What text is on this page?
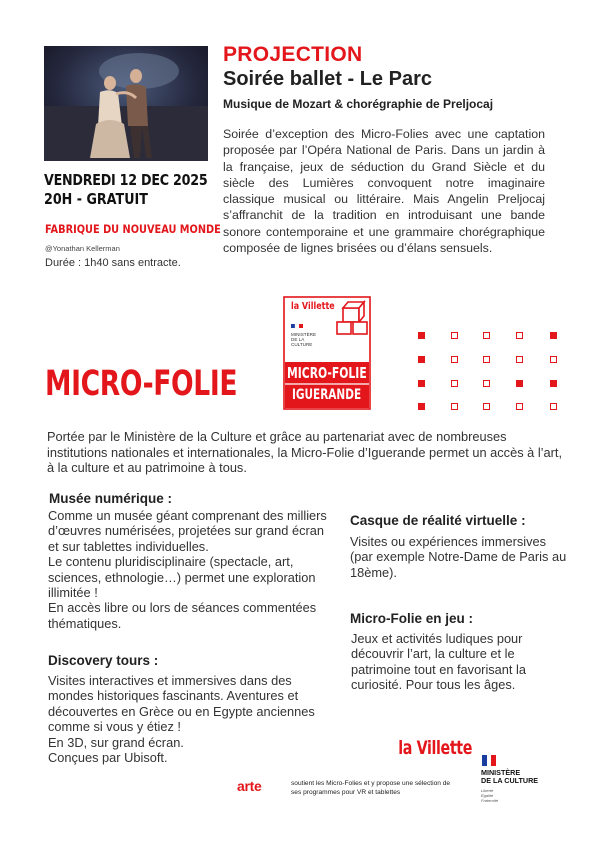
VENDREDI 12 DEC 2025
20H - GRATUIT
FABRIQUE DU NOUVEAU MONDE
@Yonathan Kellerman
Durée : 1h40 sans entracte.
PROJECTION
Soirée ballet - Le Parc
Musique de Mozart & chorégraphie de Preljocaj

Soirée d’exception des Micro-Folies avec une captation proposée par l’Opéra National de Paris. Dans un jardin à la française, jeux de séduction du Grand Siècle et du siècle des Lumières convoquent notre imaginaire classique musical ou littéraire. Mais Angelin Preljocaj s’affranchit de la tradition en introduisant une bande sonore contemporaine et une grammaire chorégraphique composée de lignes brisées ou d’élans sensuels.

la Villette
MINISTÈRE DE LA CULTURE
MICRO-FOLIE
IGUERANDE
MICRO-FOLIE

Portée par le Ministère de la Culture et grâce au partenariat avec de nombreuses institutions nationales et internationales, la Micro-Folie d’Iguerande permet un accès à l’art, à la culture et au patrimoine à tous.

Musée numérique :

Comme un musée géant comprenant des milliers d’œuvres numérisées, projetées sur grand écran et sur tablettes individuelles.
Le contenu pluridisciplinaire (spectacle, art, sciences, ethnologie…) permet une exploration illimitée !
En accès libre ou lors de séances commentées thématiques.

Discovery tours :

Visites interactives et immersives dans des mondes historiques fascinants. Aventures et découvertes en Grèce ou en Egypte anciennes comme si vous y étiez !
En 3D, sur grand écran.
Conçues par Ubisoft.

Casque de réalité virtuelle :

Visites ou expériences immersives (par exemple Notre-Dame de Paris au 18ème).

Micro-Folie en jeu :

Jeux et activités ludiques pour découvrir l’art, la culture et le patrimoine tout en favorisant la curiosité. Pour tous les âges.

la Villette
arte	soutient les Micro-Folies et y propose une sélection de ses programmes pour VR et tablettes

MINISTÈRE
DE LA CULTURE
Liberté
Égalité
Fraternité
